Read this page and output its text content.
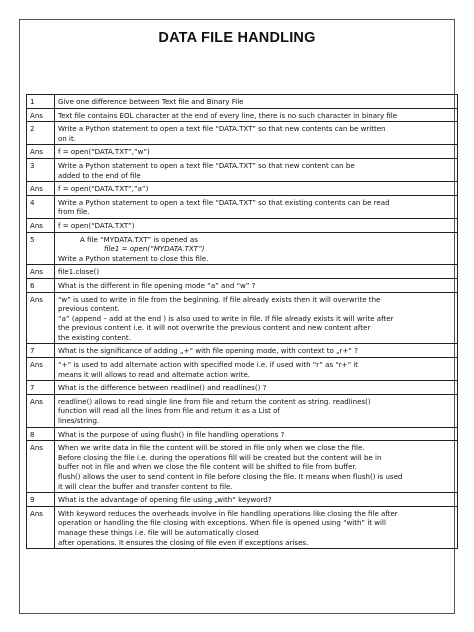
DATA FILE HANDLING
1	Give one difference between Text file and Binary File

Ans	Text file contains EOL character at the end of every line, there is no such character in binary file

2	Write a Python statement to open a text file “DATA.TXT” so that new contents can be written
on it.

Ans	f = open(“DATA.TXT”,”w”)

3	Write a Python statement to open a text file “DATA.TXT” so that new content can be
added to the end of file

Ans	f = open(“DATA.TXT”,”a”)

4	Write a Python statement to open a text file “DATA.TXT” so that existing contents can be read
from file.

Ans	f = open(“DATA.TXT”)

5	A file “MYDATA.TXT” is opened as
file1 = open(“MYDATA.TXT”)
Write a Python statement to close this file.

Ans	file1.close()

6	What is the different in file opening mode “a” and “w” ?

Ans	“w” is used to write in file from the beginning. If file already exists then it will overwrite the
previous content.
“a” (append – add at the end ) is also used to write in file. If file already exists it will write after
the previous content i.e. it will not overwrite the previous content and new content after
the existing content.

7	What is the significance of adding „+“ with file opening mode, with context to „r+“ ?

Ans	“+” is used to add alternate action with specified mode i.e. if used with “r” as “r+” it
means it will allows to read and alternate action write.

7	What is the difference between readline() and readlines() ?

Ans	readline() allows to read single line from file and return the content as string. readlines()
function will read all the lines from file and return it as a List of
lines/string.

8	What is the purpose of using flush() in file handling operations ?

Ans	When we write data in file the content will be stored in file only when we close the file.
Before closing the file i.e. during the operations fill will be created but the content will be in
buffer not in file and when we close the file content will be shifted to file from buffer.
flush() allows the user to send content in file before closing the file. It means when flush() is used
it will clear the buffer and transfer content to file.

9	What is the advantage of opening file using „with“ keyword?

Ans	With keyword reduces the overheads involve in file handling operations like closing the file after
operation or handling the file closing with exceptions. When file is opened using “with” it will
manage these things i.e. file will be automatically closed
after operations. It ensures the closing of file even if exceptions arises.
